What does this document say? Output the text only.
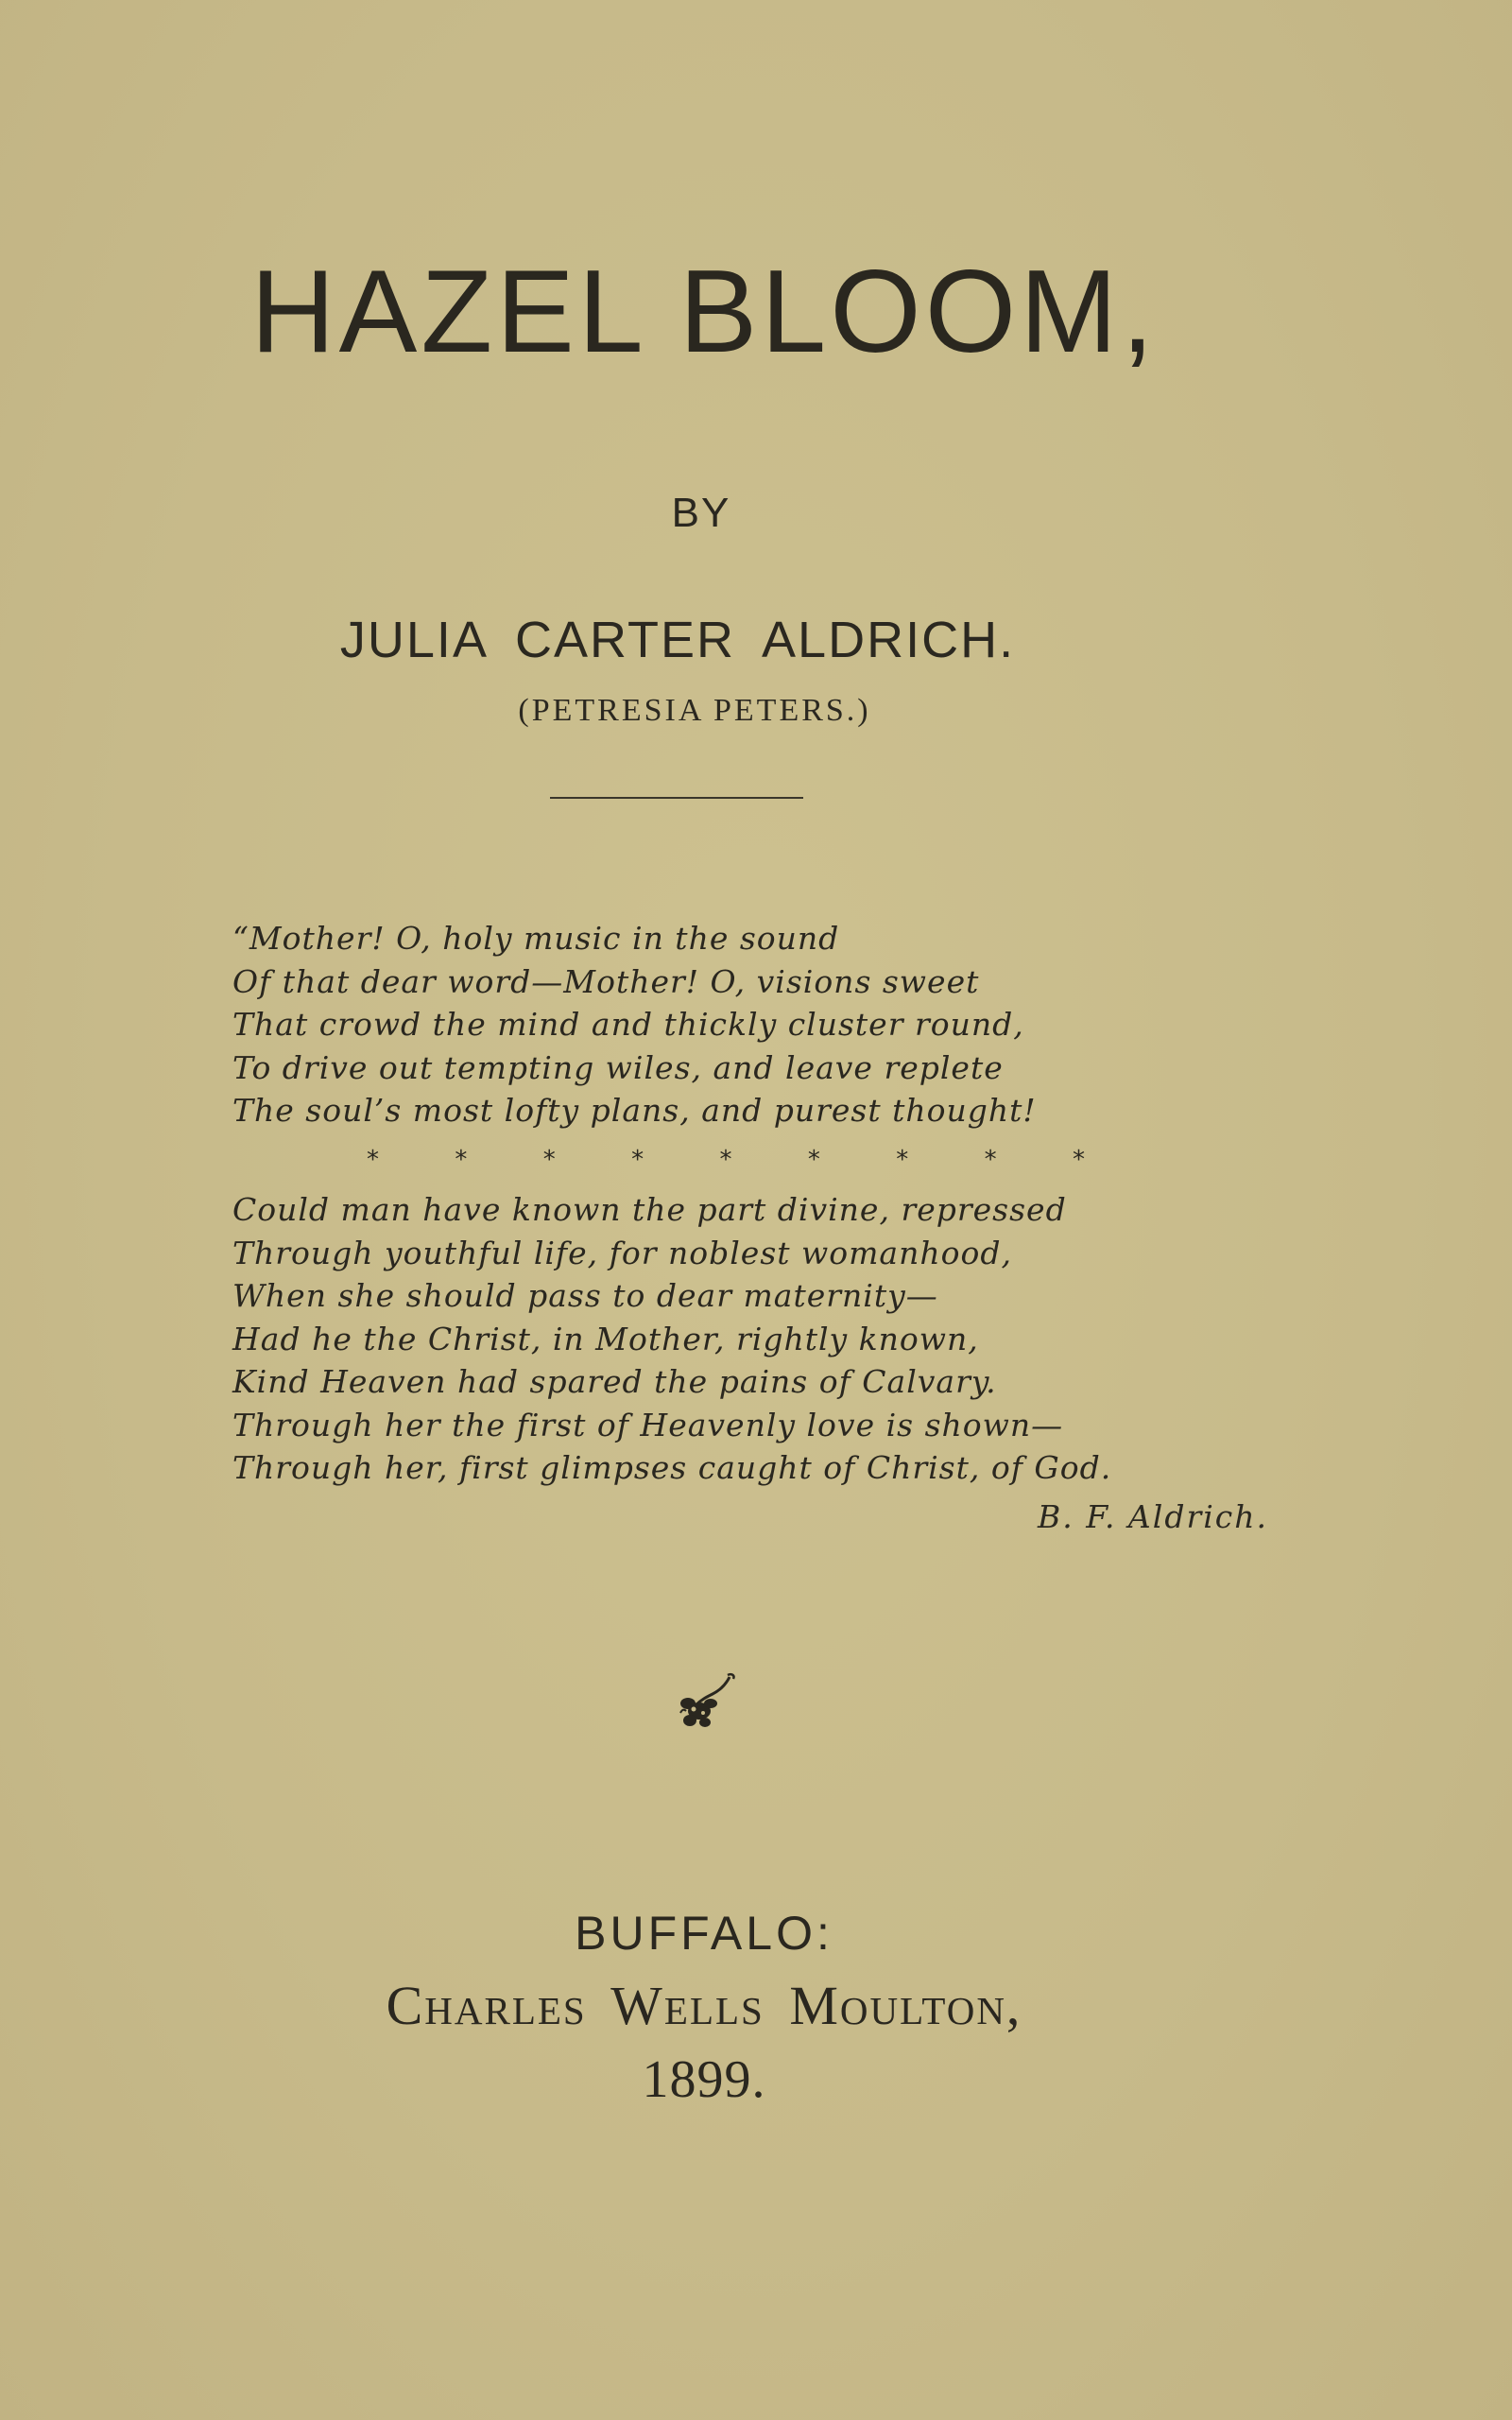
HAZEL BLOOM,
BY
JULIA CARTER ALDRICH.
(PETRESIA PETERS.)
“Mother! O, holy music in the sound
Of that dear word—Mother! O, visions sweet
That crowd the mind and thickly cluster round,
To drive out tempting wiles, and leave replete
The soul’s most lofty plans, and purest thought!
*	*	*	*	*	*	*	*	*
Could man have known the part divine, repressed
Through youthful life, for noblest womanhood,
When she should pass to dear maternity—
Had he the Christ, in Mother, rightly known,
Kind Heaven had spared the pains of Calvary.
Through her the first of Heavenly love is shown—
Through her, first glimpses caught of Christ, of God.
B. F. Aldrich.
BUFFALO:
Charles Wells Moulton,
1899.
